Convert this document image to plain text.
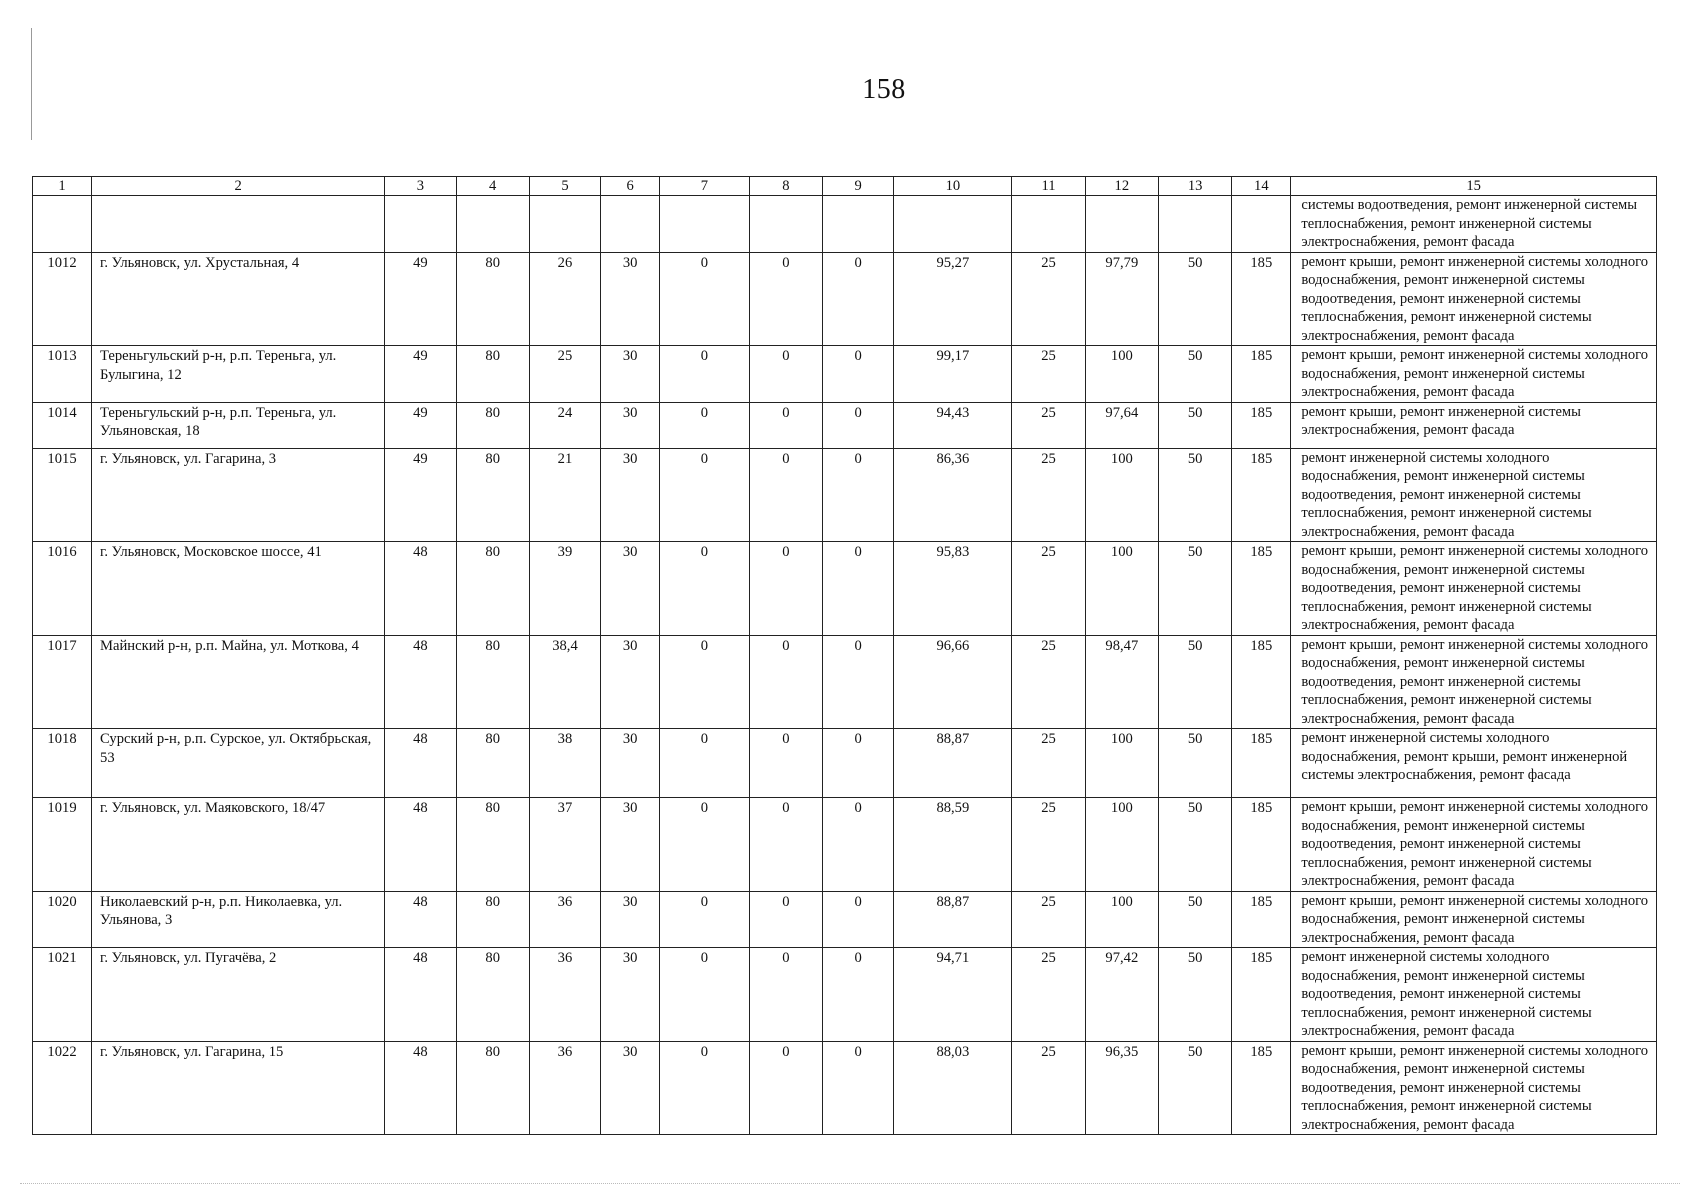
158
1	2	3	4	5	6	7	8	9	10	11	12	13	14	15
														системы водоотведения, ремонт инженерной системы теплоснабжения, ремонт инженерной системы электроснабжения, ремонт фасада
1012	г. Ульяновск, ул. Хрустальная, 4	49	80	26	30	0	0	0	95,27	25	97,79	50	185	ремонт крыши, ремонт инженерной системы холодного водоснабжения, ремонт инженерной системы водоотведения, ремонт инженерной системы теплоснабжения, ремонт инженерной системы электроснабжения, ремонт фасада
1013	Тереньгульский р-н, р.п. Тереньга, ул. Булыгина, 12	49	80	25	30	0	0	0	99,17	25	100	50	185	ремонт крыши, ремонт инженерной системы холодного водоснабжения, ремонт инженерной системы электроснабжения, ремонт фасада
1014	Тереньгульский р-н, р.п. Тереньга, ул. Ульяновская, 18	49	80	24	30	0	0	0	94,43	25	97,64	50	185	ремонт крыши, ремонт инженерной системы электроснабжения, ремонт фасада
1015	г. Ульяновск, ул. Гагарина, 3	49	80	21	30	0	0	0	86,36	25	100	50	185	ремонт инженерной системы холодного водоснабжения, ремонт инженерной системы водоотведения, ремонт инженерной системы теплоснабжения, ремонт инженерной системы электроснабжения, ремонт фасада
1016	г. Ульяновск, Московское шоссе, 41	48	80	39	30	0	0	0	95,83	25	100	50	185	ремонт крыши, ремонт инженерной системы холодного водоснабжения, ремонт инженерной системы водоотведения, ремонт инженерной системы теплоснабжения, ремонт инженерной системы электроснабжения, ремонт фасада
1017	Майнский р-н, р.п. Майна, ул. Моткова, 4	48	80	38,4	30	0	0	0	96,66	25	98,47	50	185	ремонт крыши, ремонт инженерной системы холодного водоснабжения, ремонт инженерной системы водоотведения, ремонт инженерной системы теплоснабжения, ремонт инженерной системы электроснабжения, ремонт фасада
1018	Сурский р-н, р.п. Сурское, ул. Октябрьская, 53	48	80	38	30	0	0	0	88,87	25	100	50	185	ремонт инженерной системы холодного водоснабжения, ремонт крыши, ремонт инженерной системы электроснабжения, ремонт фасада
1019	г. Ульяновск, ул. Маяковского, 18/47	48	80	37	30	0	0	0	88,59	25	100	50	185	ремонт крыши, ремонт инженерной системы холодного водоснабжения, ремонт инженерной системы водоотведения, ремонт инженерной системы теплоснабжения, ремонт инженерной системы электроснабжения, ремонт фасада
1020	Николаевский р-н, р.п. Николаевка, ул. Ульянова, 3	48	80	36	30	0	0	0	88,87	25	100	50	185	ремонт крыши, ремонт инженерной системы холодного водоснабжения, ремонт инженерной системы электроснабжения, ремонт фасада
1021	г. Ульяновск, ул. Пугачёва, 2	48	80	36	30	0	0	0	94,71	25	97,42	50	185	ремонт инженерной системы холодного водоснабжения, ремонт инженерной системы водоотведения, ремонт инженерной системы теплоснабжения, ремонт инженерной системы электроснабжения, ремонт фасада
1022	г. Ульяновск, ул. Гагарина, 15	48	80	36	30	0	0	0	88,03	25	96,35	50	185	ремонт крыши, ремонт инженерной системы холодного водоснабжения, ремонт инженерной системы водоотведения, ремонт инженерной системы теплоснабжения, ремонт инженерной системы электроснабжения, ремонт фасада
